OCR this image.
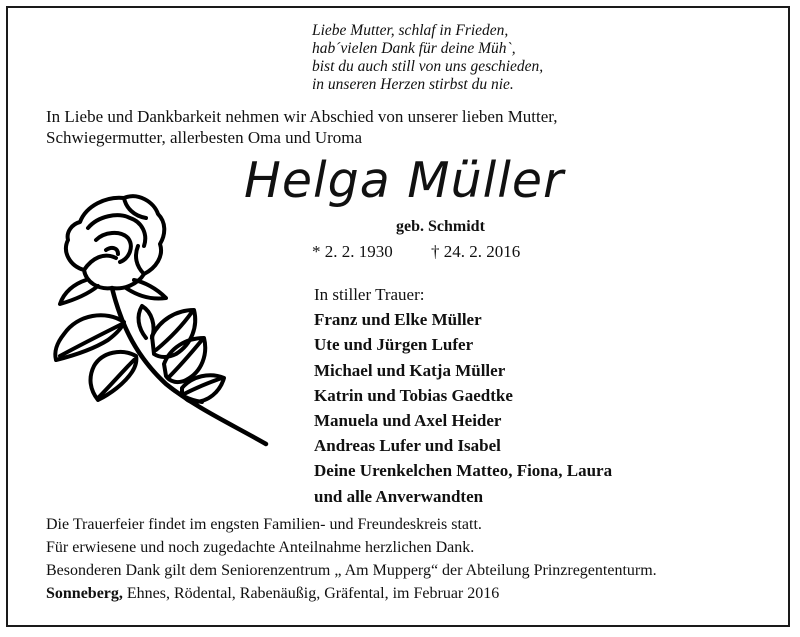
Liebe Mutter, schlaf in Frieden,
hab´vielen Dank für deine Müh`,
bist du auch still von uns geschieden,
in unseren Herzen stirbst du nie.
In Liebe und Dankbarkeit nehmen wir Abschied von unserer lieben Mutter,
Schwiegermutter, allerbesten Oma und Uroma
Helga Müller
geb. Schmidt
* 2. 2. 1930 † 24. 2. 2016
In stiller Trauer:
Franz und Elke Müller
Ute und Jürgen Lufer
Michael und Katja Müller
Katrin und Tobias Gaedtke
Manuela und Axel Heider
Andreas Lufer und Isabel
Deine Urenkelchen Matteo, Fiona, Laura
und alle Anverwandten
Die Trauerfeier findet im engsten Familien- und Freundeskreis statt.
Für erwiesene und noch zugedachte Anteilnahme herzlichen Dank.
Besonderen Dank gilt dem Seniorenzentrum „ Am Mupperg“ der Abteilung Prinzregententurm.
Sonneberg, Ehnes, Rödental, Rabenäußig, Gräfental, im Februar 2016
